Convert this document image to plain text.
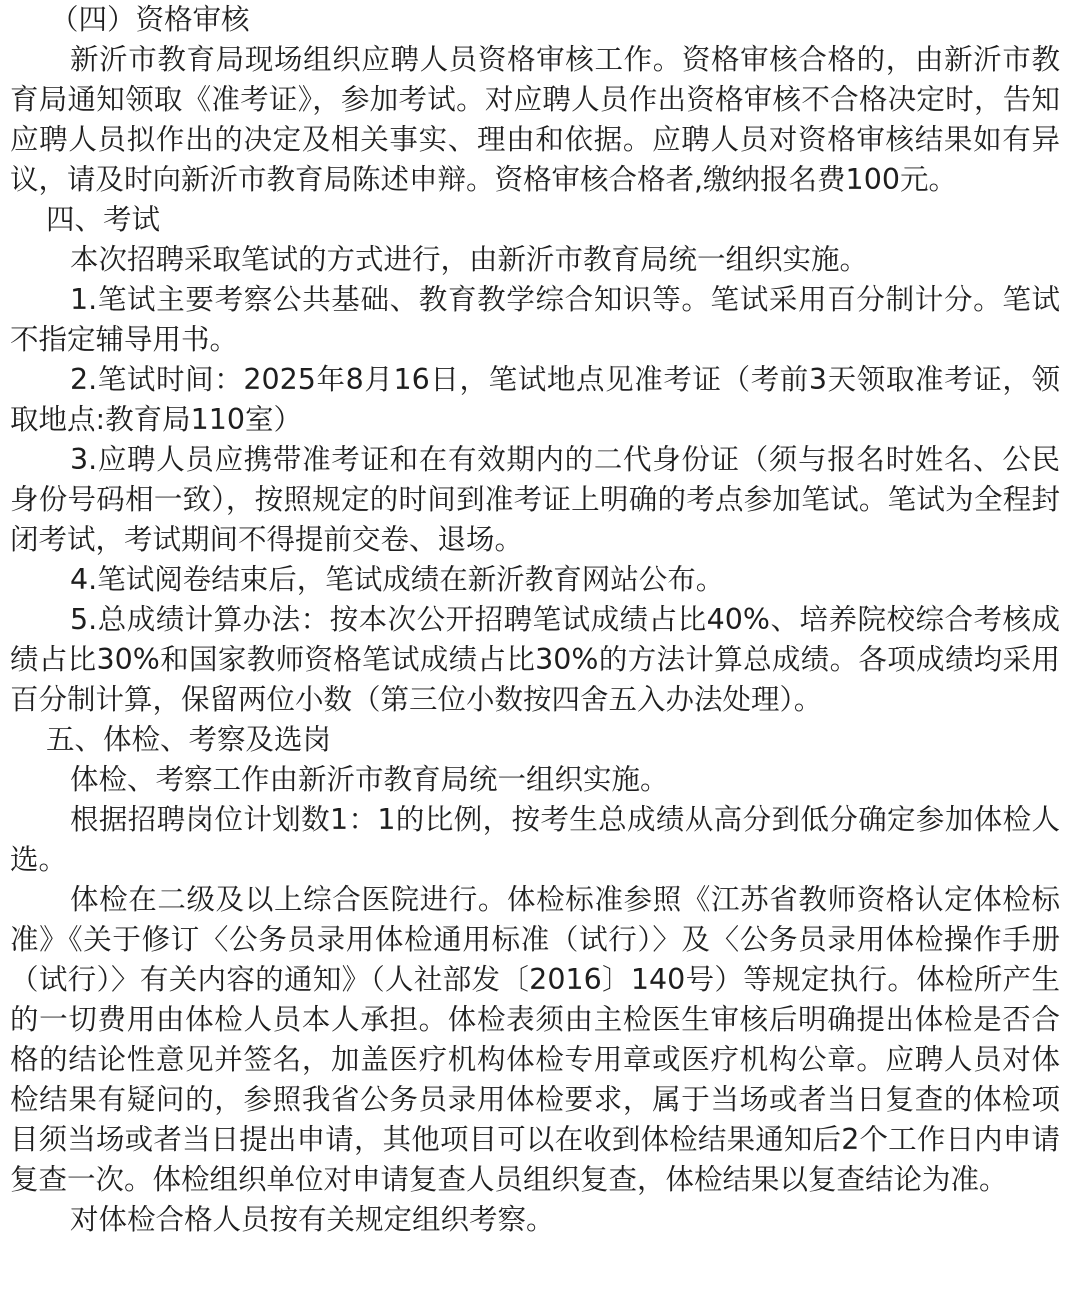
（四）资格审核

新沂市教育局现场组织应聘人员资格审核工作。资格审核合格的，由新沂市教育局通知领取《准考证》，参加考试。对应聘人员作出资格审核不合格决定时，告知应聘人员拟作出的决定及相关事实、理由和依据。应聘人员对资格审核结果如有异议，请及时向新沂市教育局陈述申辩。资格审核合格者,缴纳报名费100元。

四、考试

本次招聘采取笔试的方式进行，由新沂市教育局统一组织实施。

1.笔试主要考察公共基础、教育教学综合知识等。笔试采用百分制计分。笔试不指定辅导用书。

2.笔试时间：2025年8月16日，笔试地点见准考证（考前3天领取准考证，领取地点:教育局110室）

3.应聘人员应携带准考证和在有效期内的二代身份证（须与报名时姓名、公民身份号码相一致），按照规定的时间到准考证上明确的考点参加笔试。笔试为全程封闭考试，考试期间不得提前交卷、退场。

4.笔试阅卷结束后，笔试成绩在新沂教育网站公布。

5.总成绩计算办法：按本次公开招聘笔试成绩占比40%、培养院校综合考核成绩占比30%和国家教师资格笔试成绩占比30%的方法计算总成绩。各项成绩均采用百分制计算，保留两位小数（第三位小数按四舍五入办法处理）。

五、体检、考察及选岗

体检、考察工作由新沂市教育局统一组织实施。

根据招聘岗位计划数1：1的比例，按考生总成绩从高分到低分确定参加体检人选。

体检在二级及以上综合医院进行。体检标准参照《江苏省教师资格认定体检标准》《关于修订〈公务员录用体检通用标准（试行）〉及〈公务员录用体检操作手册（试行）〉有关内容的通知》（人社部发〔2016〕140号）等规定执行。体检所产生的一切费用由体检人员本人承担。体检表须由主检医生审核后明确提出体检是否合格的结论性意见并签名，加盖医疗机构体检专用章或医疗机构公章。应聘人员对体检结果有疑问的，参照我省公务员录用体检要求，属于当场或者当日复查的体检项目须当场或者当日提出申请，其他项目可以在收到体检结果通知后2个工作日内申请复查一次。体检组织单位对申请复查人员组织复查，体检结果以复查结论为准。

对体检合格人员按有关规定组织考察。
